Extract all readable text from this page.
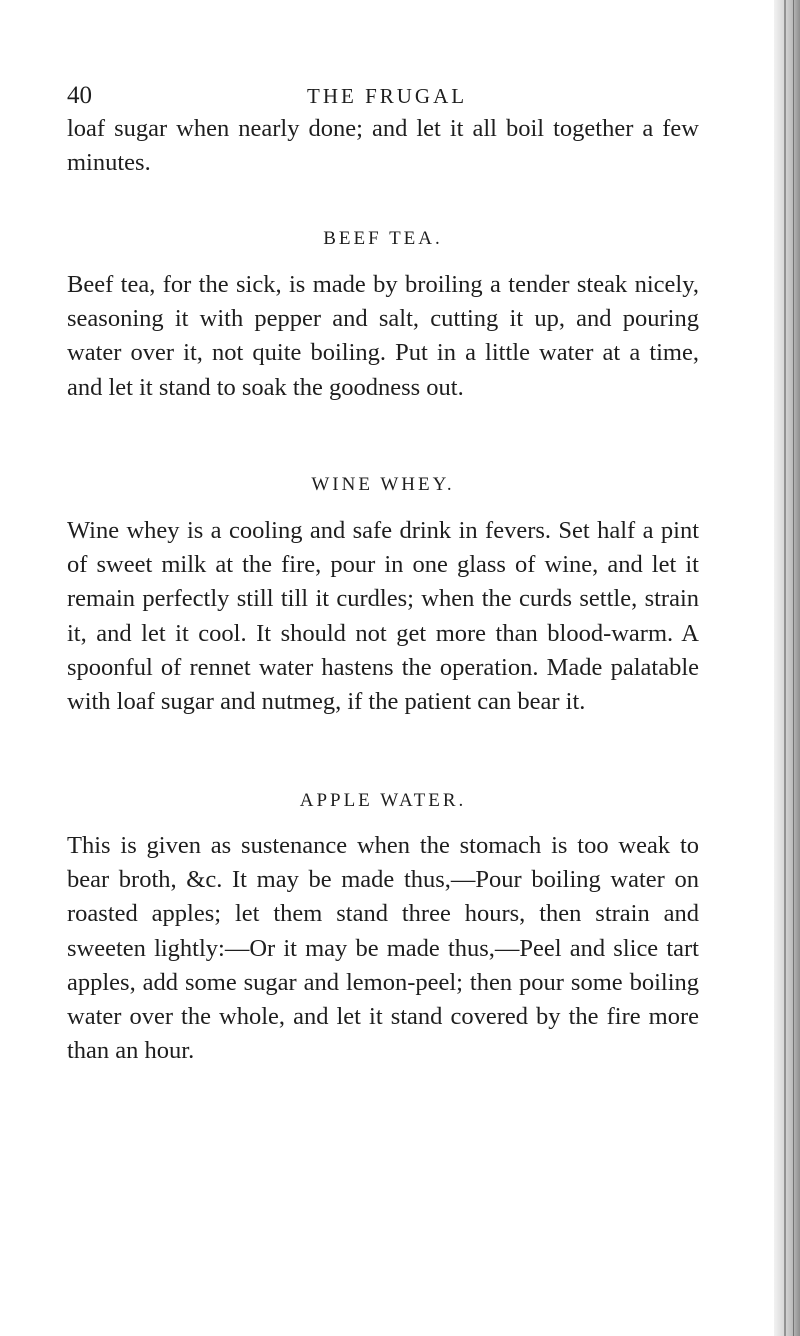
40	THE FRUGAL
loaf sugar when nearly done; and let it all boil together a few minutes.
BEEF TEA.
Beef tea, for the sick, is made by broiling a tender steak nicely, seasoning it with pepper and salt, cutting it up, and pouring water over it, not quite boiling. Put in a little water at a time, and let it stand to soak the goodness out.
WINE WHEY.
Wine whey is a cooling and safe drink in fevers. Set half a pint of sweet milk at the fire, pour in one glass of wine, and let it remain perfectly still till it curdles; when the curds settle, strain it, and let it cool. It should not get more than blood-warm. A spoonful of rennet water hastens the operation. Made palatable with loaf sugar and nutmeg, if the patient can bear it.
APPLE WATER.
This is given as sustenance when the stomach is too weak to bear broth, &c. It may be made thus,—Pour boiling water on roasted apples; let them stand three hours, then strain and sweeten lightly:—Or it may be made thus,—Peel and slice tart apples, add some sugar and lemon-peel; then pour some boiling water over the whole, and let it stand covered by the fire more than an hour.
